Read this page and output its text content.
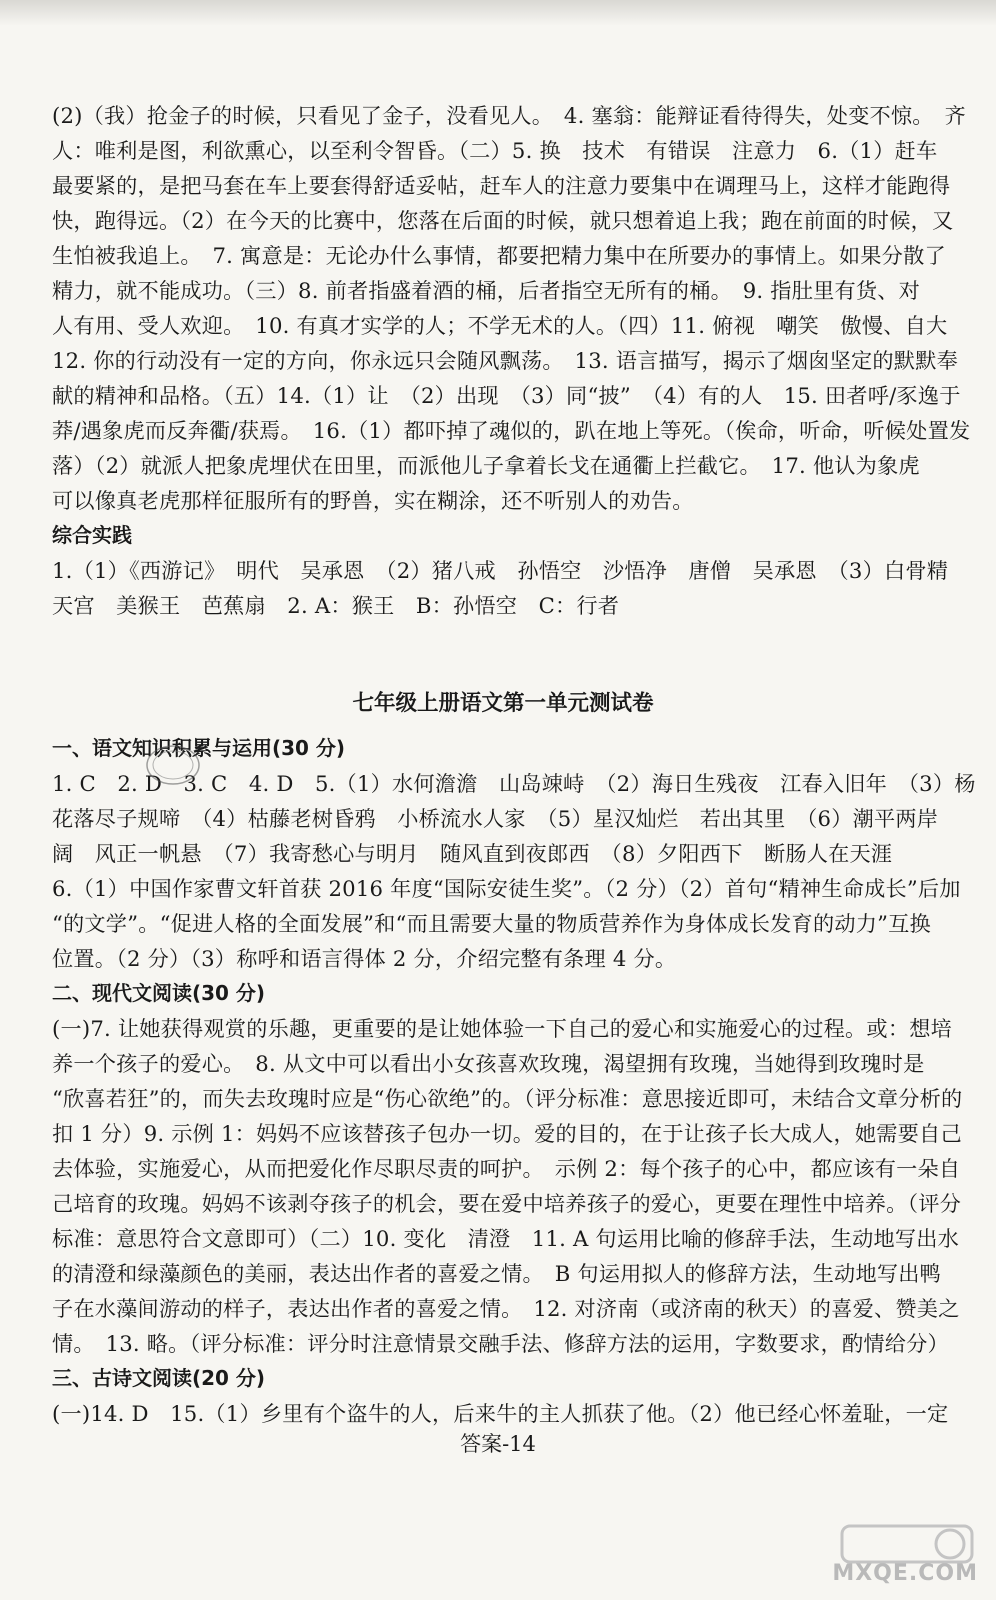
(2)（我）抢金子的时候，只看见了金子，没看见人。　4. 塞翁：能辩证看待得失，处变不惊。　齐

人：唯利是图，利欲熏心，以至利令智昏。（二）5. 换　技术　有错误　注意力　6.（1）赶车

最要紧的，是把马套在车上要套得舒适妥帖，赶车人的注意力要集中在调理马上，这样才能跑得

快，跑得远。（2）在今天的比赛中，您落在后面的时候，就只想着追上我；跑在前面的时候，又

生怕被我追上。　7. 寓意是：无论办什么事情，都要把精力集中在所要办的事情上。如果分散了

精力，就不能成功。（三）8. 前者指盛着酒的桶，后者指空无所有的桶。　9. 指肚里有货、对

人有用、受人欢迎。　10. 有真才实学的人；不学无术的人。（四）11. 俯视　嘲笑　傲慢、自大

12. 你的行动没有一定的方向，你永远只会随风飘荡。　13. 语言描写，揭示了烟囱坚定的默默奉

献的精神和品格。（五）14.（1）让　（2）出现　（3）同“披”　（4）有的人　15. 田者呼/豕逸于

莽/遇象虎而反奔衢/获焉。　16.（1）都吓掉了魂似的，趴在地上等死。（俟命，听命，听候处置发

落）（2）就派人把象虎埋伏在田里，而派他儿子拿着长戈在通衢上拦截它。　17. 他认为象虎

可以像真老虎那样征服所有的野兽，实在糊涂，还不听别人的劝告。

综合实践

1.（1）《西游记》　明代　吴承恩　（2）猪八戒　孙悟空　沙悟净　唐僧　吴承恩　（3）白骨精

天宫　美猴王　芭蕉扇　2. A：猴王　B：孙悟空　C：行者

七年级上册语文第一单元测试卷

一、语文知识积累与运用(30 分)

1. C　2. D　3. C　4. D　5.（1）水何澹澹　山岛竦峙　（2）海日生残夜　江春入旧年　（3）杨

花落尽子规啼　（4）枯藤老树昏鸦　小桥流水人家　（5）星汉灿烂　若出其里　（6）潮平两岸

阔　风正一帆悬　（7）我寄愁心与明月　随风直到夜郎西　（8）夕阳西下　断肠人在天涯

6.（1）中国作家曹文轩首获 2016 年度“国际安徒生奖”。（2 分）（2）首句“精神生命成长”后加

“的文学”。“促进人格的全面发展”和“而且需要大量的物质营养作为身体成长发育的动力”互换

位置。（2 分）（3）称呼和语言得体 2 分，介绍完整有条理 4 分。

二、现代文阅读(30 分)

(一)7. 让她获得观赏的乐趣，更重要的是让她体验一下自己的爱心和实施爱心的过程。或：想培

养一个孩子的爱心。　8. 从文中可以看出小女孩喜欢玫瑰，渴望拥有玫瑰，当她得到玫瑰时是

“欣喜若狂”的，而失去玫瑰时应是“伤心欲绝”的。（评分标准：意思接近即可，未结合文章分析的

扣 1 分）9. 示例 1：妈妈不应该替孩子包办一切。爱的目的，在于让孩子长大成人，她需要自己

去体验，实施爱心，从而把爱化作尽职尽责的呵护。　示例 2：每个孩子的心中，都应该有一朵自

己培育的玫瑰。妈妈不该剥夺孩子的机会，要在爱中培养孩子的爱心，更要在理性中培养。（评分

标准：意思符合文意即可）（二）10. 变化　清澄　11. A 句运用比喻的修辞手法，生动地写出水

的清澄和绿藻颜色的美丽，表达出作者的喜爱之情。　B 句运用拟人的修辞方法，生动地写出鸭

子在水藻间游动的样子，表达出作者的喜爱之情。　12. 对济南（或济南的秋天）的喜爱、赞美之

情。　13. 略。（评分标准：评分时注意情景交融手法、修辞方法的运用，字数要求，酌情给分）

三、古诗文阅读(20 分)

(一)14. D　15.（1）乡里有个盗牛的人，后来牛的主人抓获了他。（2）他已经心怀羞耻，一定

答案-14
MXQE.COM
